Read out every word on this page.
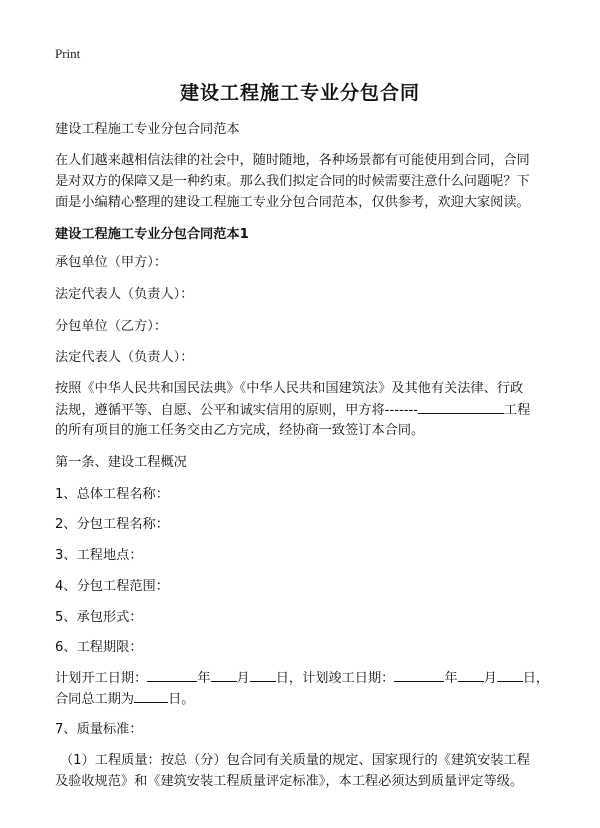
Print
建设工程施工专业分包合同
建设工程施工专业分包合同范本
在人们越来越相信法律的社会中，随时随地，各种场景都有可能使用到合同，合同
是对双方的保障又是一种约束。那么我们拟定合同的时候需要注意什么问题呢？下
面是小编精心整理的建设工程施工专业分包合同范本，仅供参考，欢迎大家阅读。
建设工程施工专业分包合同范本1
承包单位（甲方）：
法定代表人（负责人）：
分包单位（乙方）：
法定代表人（负责人）：
按照《中华人民共和国民法典》《中华人民共和国建筑法》及其他有关法律、行政
法规，遵循平等、自愿、公平和诚实信用的原则，甲方将-------	工程
的所有项目的施工任务交由乙方完成，经协商一致签订本合同。
第一条、建设工程概况
1、总体工程名称：
2、分包工程名称：
3、工程地点：
4、分包工程范围：
5、承包形式：
6、工程期限：
计划开工日期：	年 月 日，计划竣工日期：	年 月 日，
合同总工期为	日。
7、质量标准：
（1）工程质量：按总（分）包合同有关质量的规定、国家现行的《建筑安装工程
及验收规范》和《建筑安装工程质量评定标准》，本工程必须达到质量评定等级。
